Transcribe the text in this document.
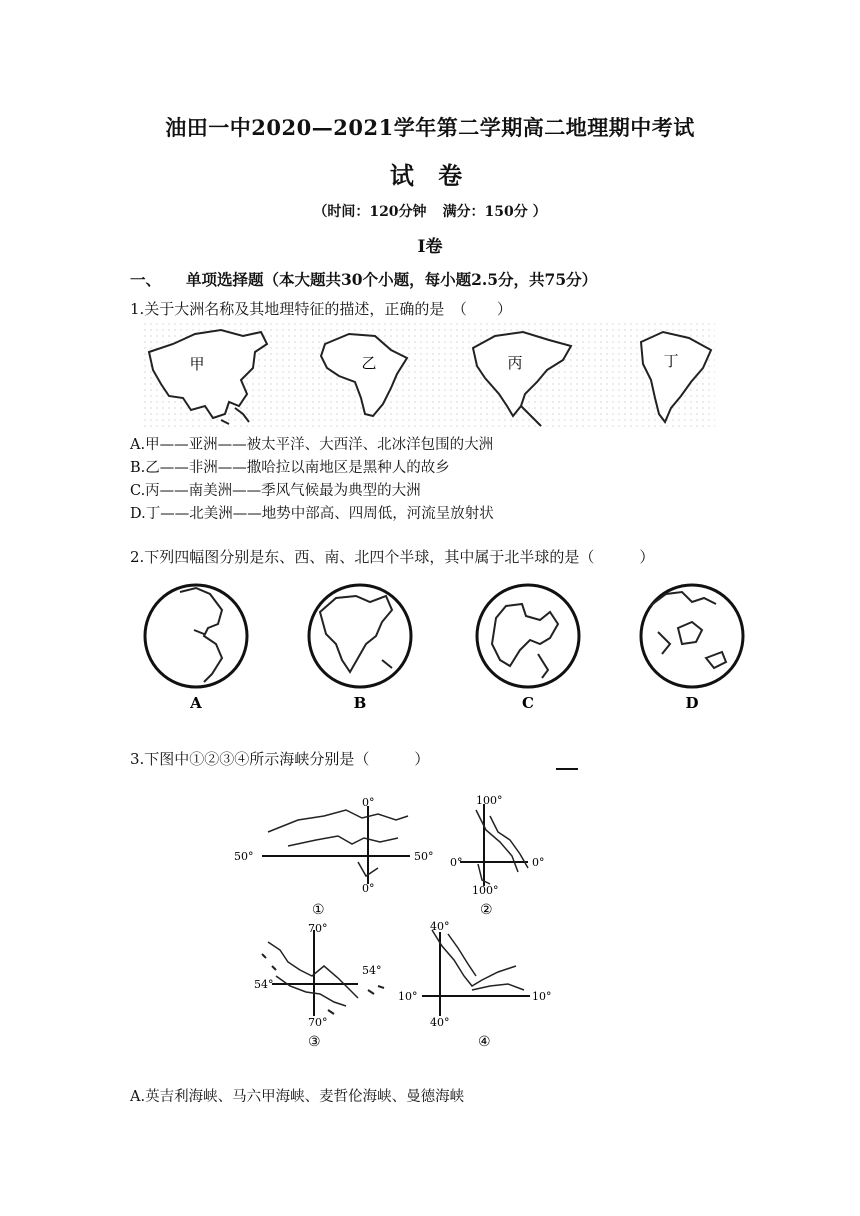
油田一中2020—2021学年第二学期高二地理期中考试
试 卷
（时间：120分钟 满分：150分 ）
Ⅰ卷
一、 单项选择题（本大题共30个小题，每小题2.5分，共75分）
1.关于大洲名称及其地理特征的描述，正确的是　（　　）
甲	乙	丙	丁
A.甲——亚洲——被太平洋、大西洋、北冰洋包围的大洲
B.乙——非洲——撒哈拉以南地区是黑种人的故乡
C.丙——南美洲——季风气候最为典型的大洲
D.丁——北美洲——地势中部高、四周低，河流呈放射状
2.下列四幅图分别是东、西、南、北四个半球，其中属于北半球的是（　　　）
A	B	C	D
3.下图中①②③④所示海峡分别是（　　　）
50°	50°
0°
0°
①
0°	0°
100°
100°
②
70°
70°
54°
54°
③
40°
40°
10°	10°
④
A.英吉利海峡、马六甲海峡、麦哲伦海峡、曼德海峡
